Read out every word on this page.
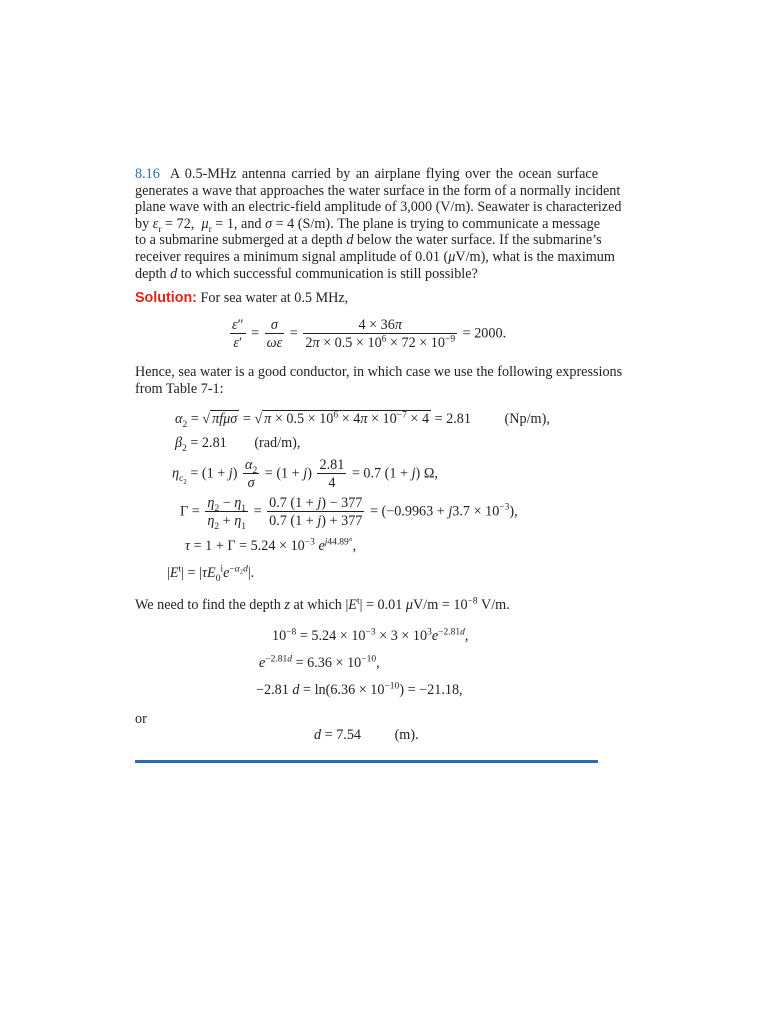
8.16  A 0.5-MHz antenna carried by an airplane flying over the ocean surface
generates a wave that approaches the water surface in the form of a normally incident
plane wave with an electric-field amplitude of 3,000 (V/m). Seawater is characterized
by $\varepsilon_r = 72$,  $\mu_r = 1$, and σ = 4 (S/m). The plane is trying to communicate a message
to a submarine submerged at a depth d below the water surface. If the submarine’s
receiver requires a minimum signal amplitude of 0.01 (μV/m), what is the maximum
depth d to which successful communication is still possible?
Solution: For sea water at 0.5 MHz,
$\frac{\varepsilon''}{\varepsilon'} = \frac{\sigma}{\omega\varepsilon} = \frac{4 \times 36\pi}{2\pi \times 0.5 \times 10^6 \times 72 \times 10^{-9}} = 2000$.
Hence, sea water is a good conductor, in which case we use the following expressions
from Table 7-1:
$\alpha_2$ = √ πfμσ = √ $\pi \times 0.5 \times 10^6 \times 4\pi \times 10^{-7} \times 4 = 2.81$ (Np/m),
$\beta_2 = 2.81$ (rad/m),
$\eta_{c_2} = (1 + j) \frac{\alpha_2}{\sigma} = (1 + j) \frac{2.81}{4} = 0.7$ (1 + j) Ω,
$\Gamma = \frac{\eta_2 - \eta_1}{\eta_2 + \eta_1} = \frac{0.7 (1 + j) - 377}{0.7 (1 + j) + 377} = (-0.9963 + j3.7 \times 10^{-3})$,
$\tau = 1 + \Gamma = 5.24 \times 10^{-3}$ $e^{j44.89^\circ}$,
$|E^t| = |\tau E_0^ie^{-\alpha_2d}|$.
We need to find the depth z at which $|E^t| = 0.01$ $\mu V/m = 10^{-8}$ V/m.
$10^{-8} = 5.24 \times 10^{-3} \times 3 \times 10^3e^{-2.81d}$,
$e^{-2.81d} = 6.36 \times 10^{-10}$,
−2.81 $d = \ln(6.36 \times 10^{-10}) = -21.18$,
or
d = 7.54 (m).
